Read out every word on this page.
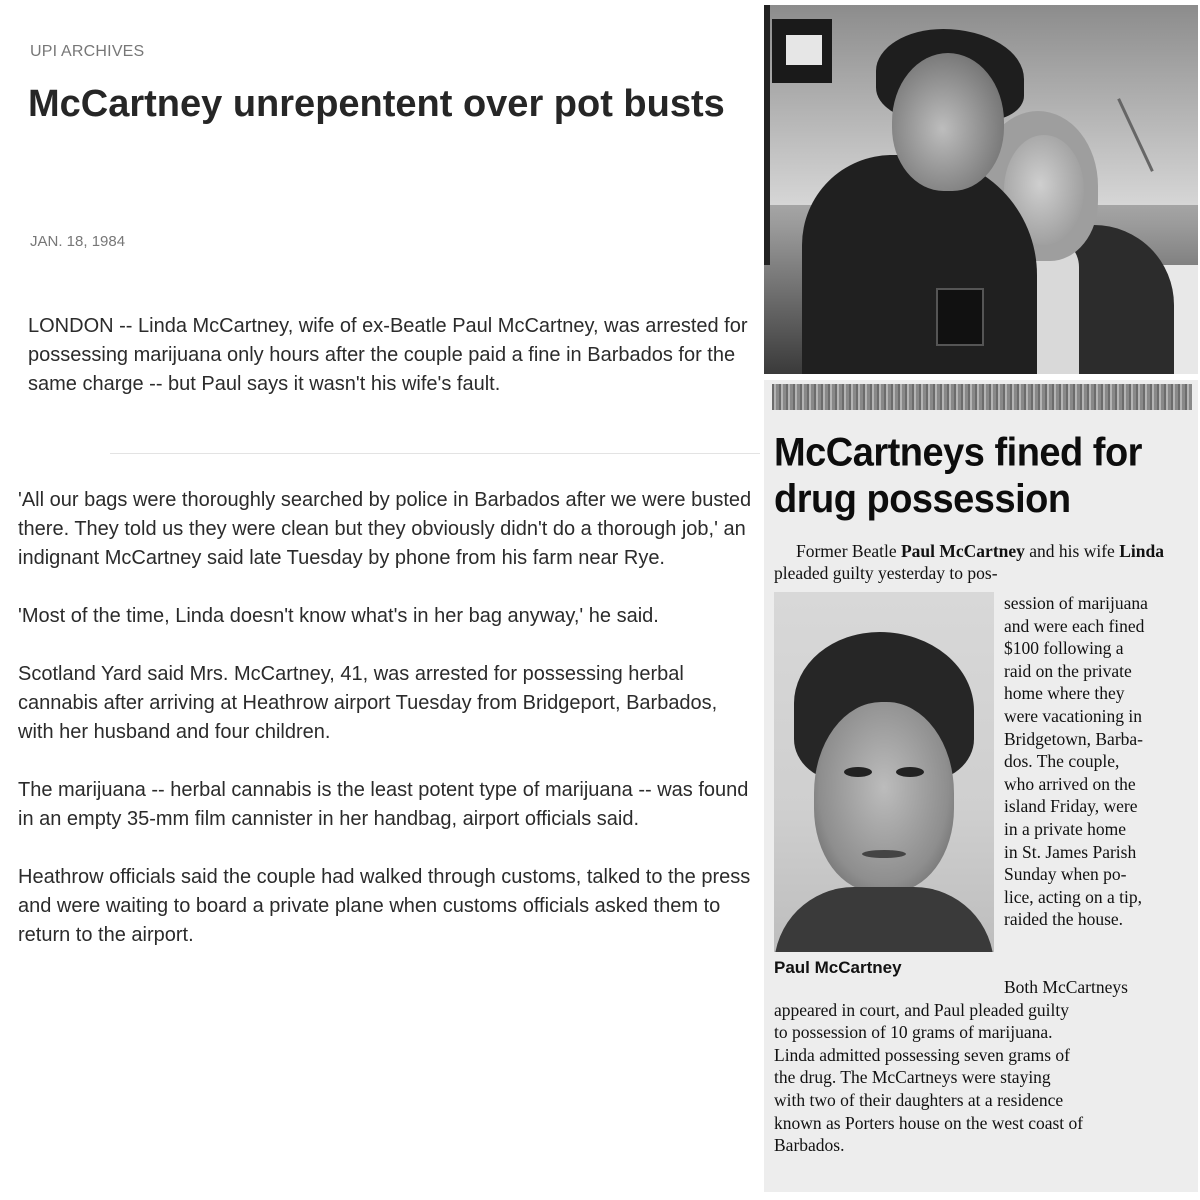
UPI ARCHIVES
McCartney unrepentent over pot busts
JAN. 18, 1984

LONDON -- Linda McCartney, wife of ex-Beatle Paul McCartney, was arrested for possessing marijuana only hours after the couple paid a fine in Barbados for the same charge -- but Paul says it wasn't his wife's fault.

'All our bags were thoroughly searched by police in Barbados after we were busted there. They told us they were clean but they obviously didn't do a thorough job,' an indignant McCartney said late Tuesday by phone from his farm near Rye.

'Most of the time, Linda doesn't know what's in her bag anyway,' he said.

Scotland Yard said Mrs. McCartney, 41, was arrested for possessing herbal cannabis after arriving at Heathrow airport Tuesday from Bridgeport, Barbados, with her husband and four children.

The marijuana -- herbal cannabis is the least potent type of marijuana -- was found in an empty 35-mm film cannister in her handbag, airport officials said.

Heathrow officials said the couple had walked through customs, talked to the press and were waiting to board a private plane when customs officials asked them to return to the airport.

McCartneys fined for drug possession

Former Beatle Paul McCartney and his wife Linda pleaded guilty yesterday to pos-

Paul McCartney
session of marijuana
and were each fined
$100 following a
raid on the private
home where they
were vacationing in
Bridgetown, Barba-
dos. The couple,
who arrived on the
island Friday, were
in a private home
in St. James Parish
Sunday when po-
lice, acting on a tip,
raided the house.
Both McCartneys
appeared in court, and Paul pleaded guilty
to possession of 10 grams of marijuana.
Linda admitted possessing seven grams of
the drug. The McCartneys were staying
with two of their daughters at a residence
known as Porters house on the west coast of
Barbados.
